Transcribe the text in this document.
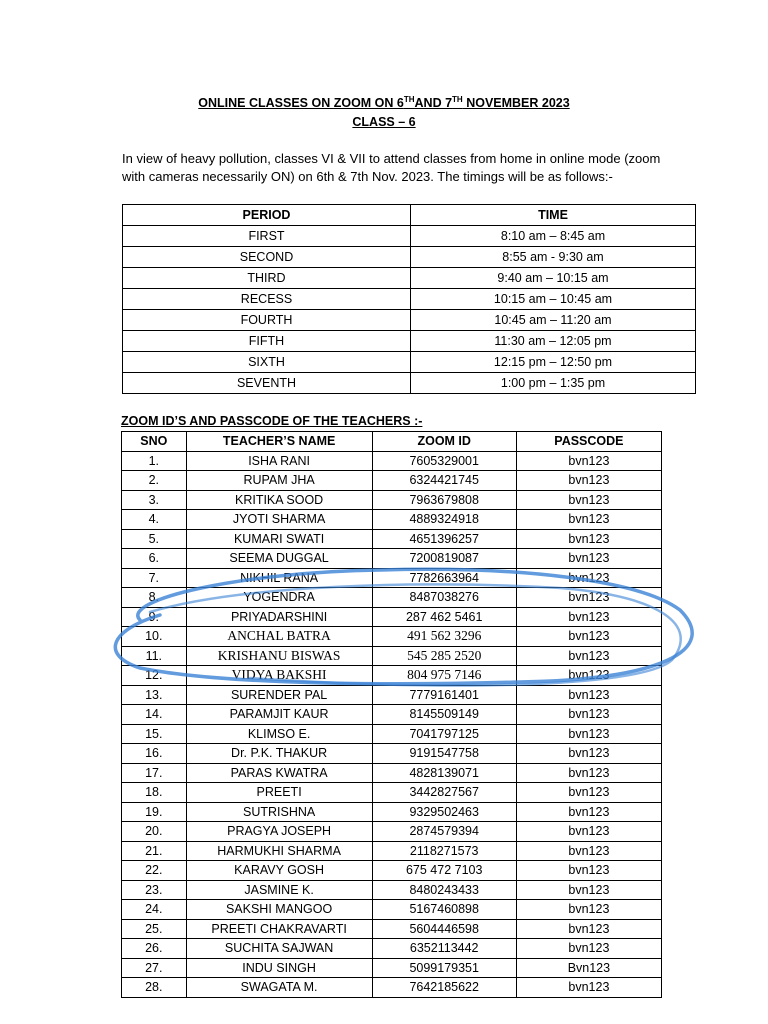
ONLINE CLASSES ON ZOOM ON 6THAND 7TH NOVEMBER 2023
CLASS – 6
In view of heavy pollution, classes VI & VII to attend classes from home in online mode (zoom with cameras necessarily ON) on 6th & 7th Nov. 2023. The timings will be as follows:-
PERIOD	TIME
FIRST	8:10 am – 8:45 am
SECOND	8:55 am - 9:30 am
THIRD	9:40 am – 10:15 am
RECESS	10:15 am – 10:45 am
FOURTH	10:45 am – 11:20 am
FIFTH	11:30 am – 12:05 pm
SIXTH	12:15 pm – 12:50 pm
SEVENTH	1:00 pm – 1:35 pm
ZOOM ID’S AND PASSCODE OF THE TEACHERS :-
SNO	TEACHER’S NAME	ZOOM ID	PASSCODE
1.	ISHA RANI	7605329001	bvn123
2.	RUPAM JHA	6324421745	bvn123
3.	KRITIKA SOOD	7963679808	bvn123
4.	JYOTI SHARMA	4889324918	bvn123
5.	KUMARI SWATI	4651396257	bvn123
6.	SEEMA DUGGAL	7200819087	bvn123
7.	NIKHIL RANA	7782663964	bvn123
8.	YOGENDRA	8487038276	bvn123
9.	PRIYADARSHINI	287 462 5461	bvn123
10.	ANCHAL BATRA	491 562 3296	bvn123
11.	KRISHANU BISWAS	545 285 2520	bvn123
12.	VIDYA BAKSHI	804 975 7146	bvn123
13.	SURENDER PAL	7779161401	bvn123
14.	PARAMJIT KAUR	8145509149	bvn123
15.	KLIMSO E.	7041797125	bvn123
16.	Dr. P.K. THAKUR	9191547758	bvn123
17.	PARAS KWATRA	4828139071	bvn123
18.	PREETI	3442827567	bvn123
19.	SUTRISHNA	9329502463	bvn123
20.	PRAGYA JOSEPH	2874579394	bvn123
21.	HARMUKHI SHARMA	2118271573	bvn123
22.	KARAVY GOSH	675 472 7103	bvn123
23.	JASMINE K.	8480243433	bvn123
24.	SAKSHI MANGOO	5167460898	bvn123
25.	PREETI CHAKRAVARTI	5604446598	bvn123
26.	SUCHITA SAJWAN	6352113442	bvn123
27.	INDU SINGH	5099179351	Bvn123
28.	SWAGATA M.	7642185622	bvn123
